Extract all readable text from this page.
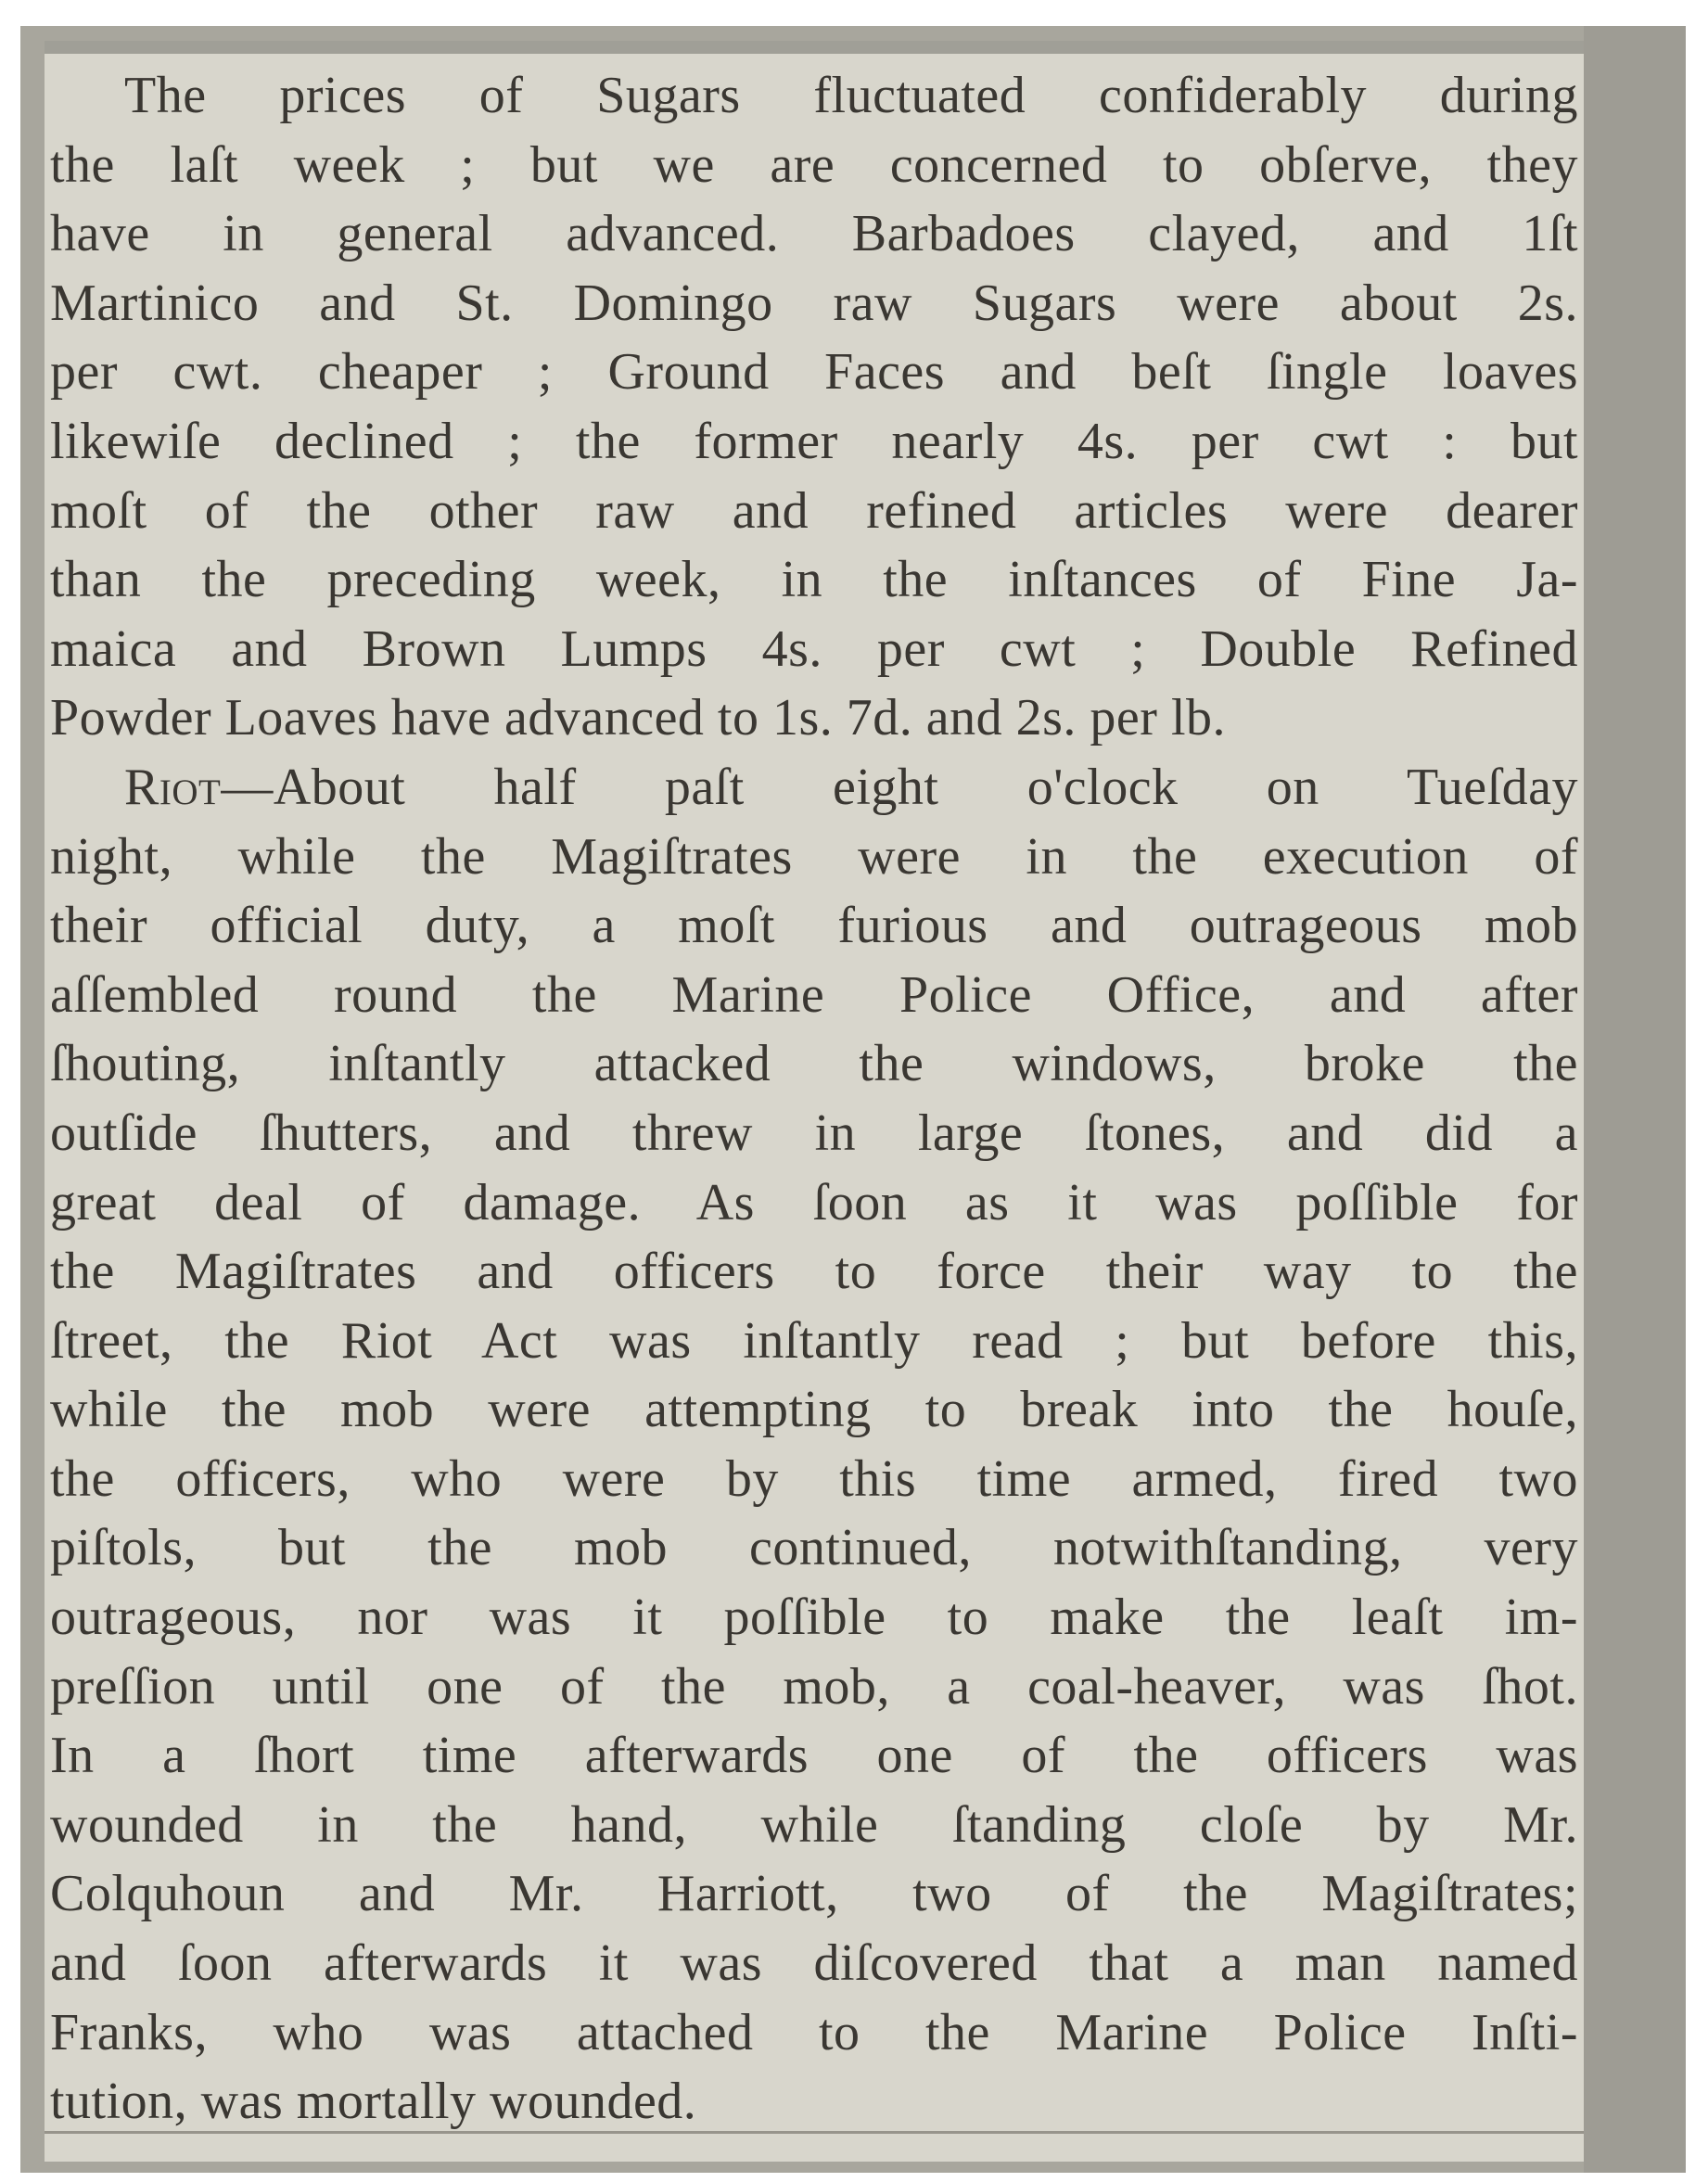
The prices of Sugars fluctuated confiderably during
the laſt week ; but we are concerned to obſerve, they
have in general advanced. Barbadoes clayed, and 1ſt
Martinico and St. Domingo raw Sugars were about 2s.
per cwt. cheaper ; Ground Faces and beſt ſingle loaves
likewiſe declined ; the former nearly 4s. per cwt : but
moſt of the other raw and refined articles were dearer
than the preceding week, in the inſtances of Fine Ja-
maica and Brown Lumps 4s. per cwt ; Double Refined
Powder Loaves have advanced to 1s. 7d. and 2s. per lb.
Riot—About half paſt eight o'clock on Tueſday
night, while the Magiſtrates were in the execution of
their official duty, a moſt furious and outrageous mob
aſſembled round the Marine Police Office, and after
ſhouting, inſtantly attacked the windows, broke the
outſide ſhutters, and threw in large ſtones, and did a
great deal of damage. As ſoon as it was poſſible for
the Magiſtrates and officers to force their way to the
ſtreet, the Riot Act was inſtantly read ; but before this,
while the mob were attempting to break into the houſe,
the officers, who were by this time armed, fired two
piſtols, but the mob continued, notwithſtanding, very
outrageous, nor was it poſſible to make the leaſt im-
preſſion until one of the mob, a coal-heaver, was ſhot.
In a ſhort time afterwards one of the officers was
wounded in the hand, while ſtanding cloſe by Mr.
Colquhoun and Mr. Harriott, two of the Magiſtrates;
and ſoon afterwards it was diſcovered that a man named
Franks, who was attached to the Marine Police Inſti-
tution, was mortally wounded.
